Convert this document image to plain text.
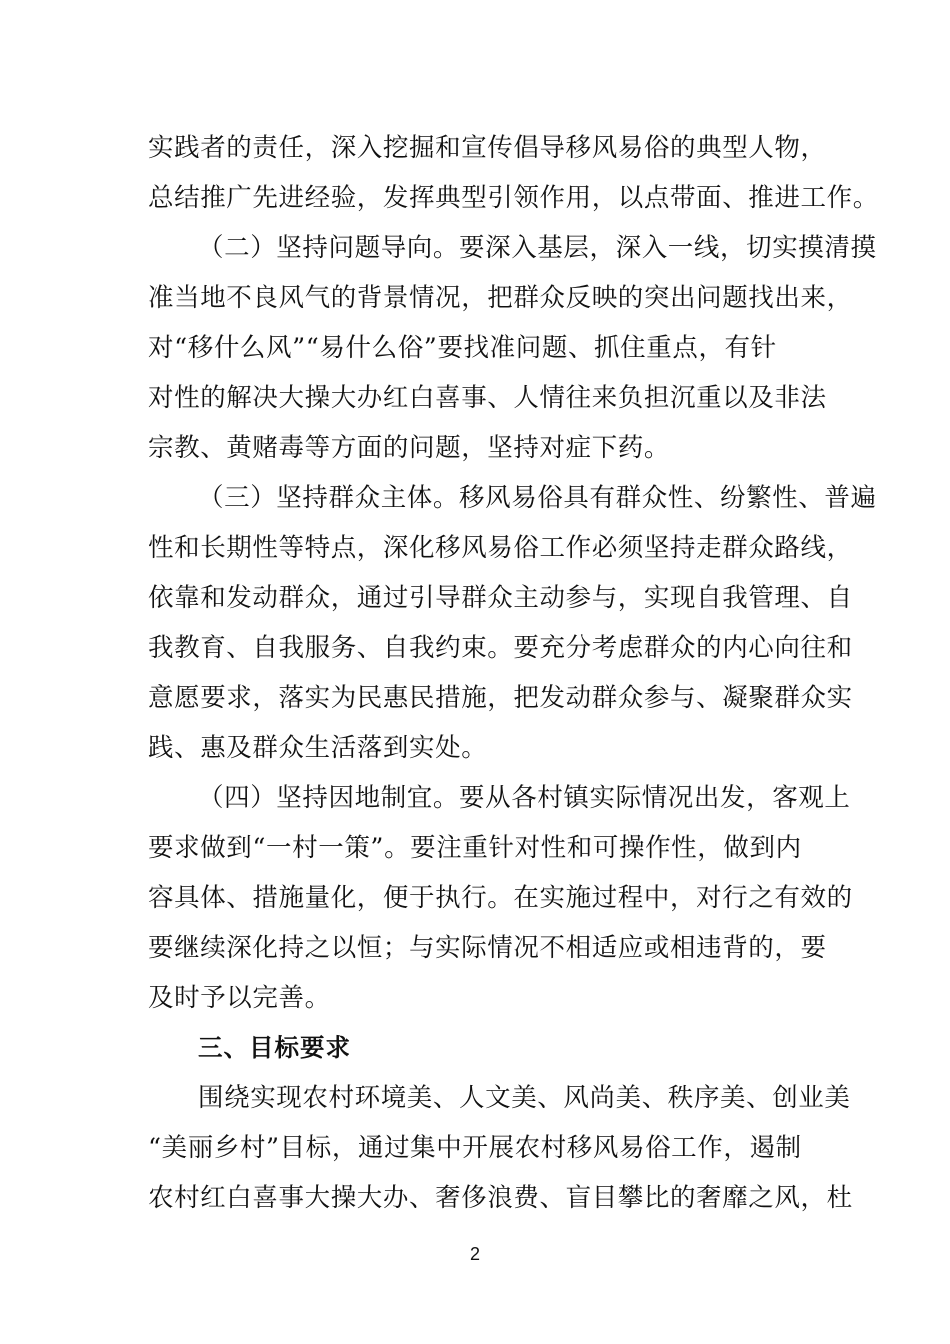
实践者的责任，深入挖掘和宣传倡导移风易俗的典型人物，
总结推广先进经验，发挥典型引领作用，以点带面、推进工作。
（二）坚持问题导向。要深入基层，深入一线，切实摸清摸
准当地不良风气的背景情况，把群众反映的突出问题找出来，
对“移什么风”“易什么俗”要找准问题、抓住重点，有针
对性的解决大操大办红白喜事、人情往来负担沉重以及非法
宗教、黄赌毒等方面的问题，坚持对症下药。
（三）坚持群众主体。移风易俗具有群众性、纷繁性、普遍
性和长期性等特点，深化移风易俗工作必须坚持走群众路线，
依靠和发动群众，通过引导群众主动参与，实现自我管理、自
我教育、自我服务、自我约束。要充分考虑群众的内心向往和
意愿要求，落实为民惠民措施，把发动群众参与、凝聚群众实
践、惠及群众生活落到实处。
（四）坚持因地制宜。要从各村镇实际情况出发，客观上
要求做到“一村一策”。要注重针对性和可操作性，做到内
容具体、措施量化，便于执行。在实施过程中，对行之有效的
要继续深化持之以恒；与实际情况不相适应或相违背的，要
及时予以完善。
三、目标要求
围绕实现农村环境美、人文美、风尚美、秩序美、创业美
“美丽乡村”目标，通过集中开展农村移风易俗工作，遏制
农村红白喜事大操大办、奢侈浪费、盲目攀比的奢靡之风，杜
2
